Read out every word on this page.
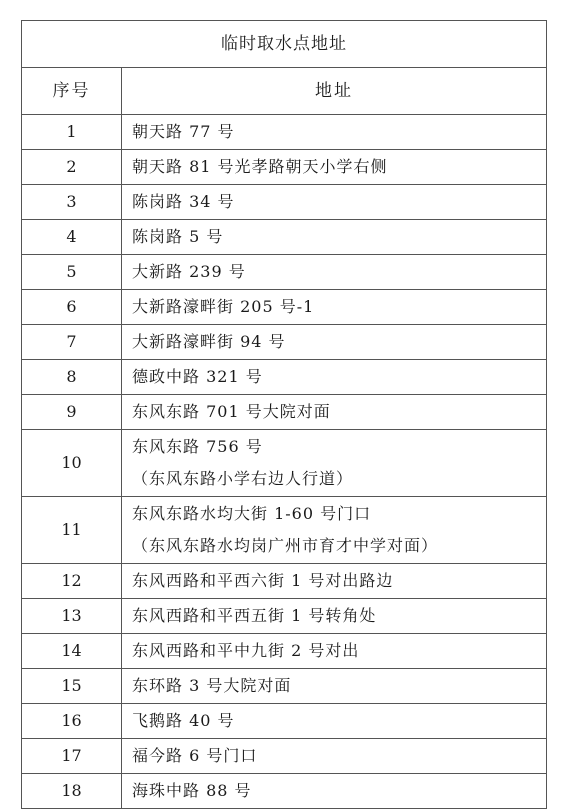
临时取水点地址	
序号	地址
1	朝天路 77 号

2	朝天路 81 号光孝路朝天小学右侧

3	陈岗路 34 号

4	陈岗路 5 号

5	大新路 239 号

6	大新路濠畔街 205 号-1

7	大新路濠畔街 94 号

8	德政中路 321 号

9	东风东路 701 号大院对面

10	东风东路 756 号
（东风东路小学右边人行道）

11	东风东路水均大街 1-60 号门口
（东风东路水均岗广州市育才中学对面）

12	东风西路和平西六街 1 号对出路边

13	东风西路和平西五街 1 号转角处

14	东风西路和平中九街 2 号对出

15	东环路 3 号大院对面

16	飞鹅路 40 号

17	福今路 6 号门口

18	海珠中路 88 号
